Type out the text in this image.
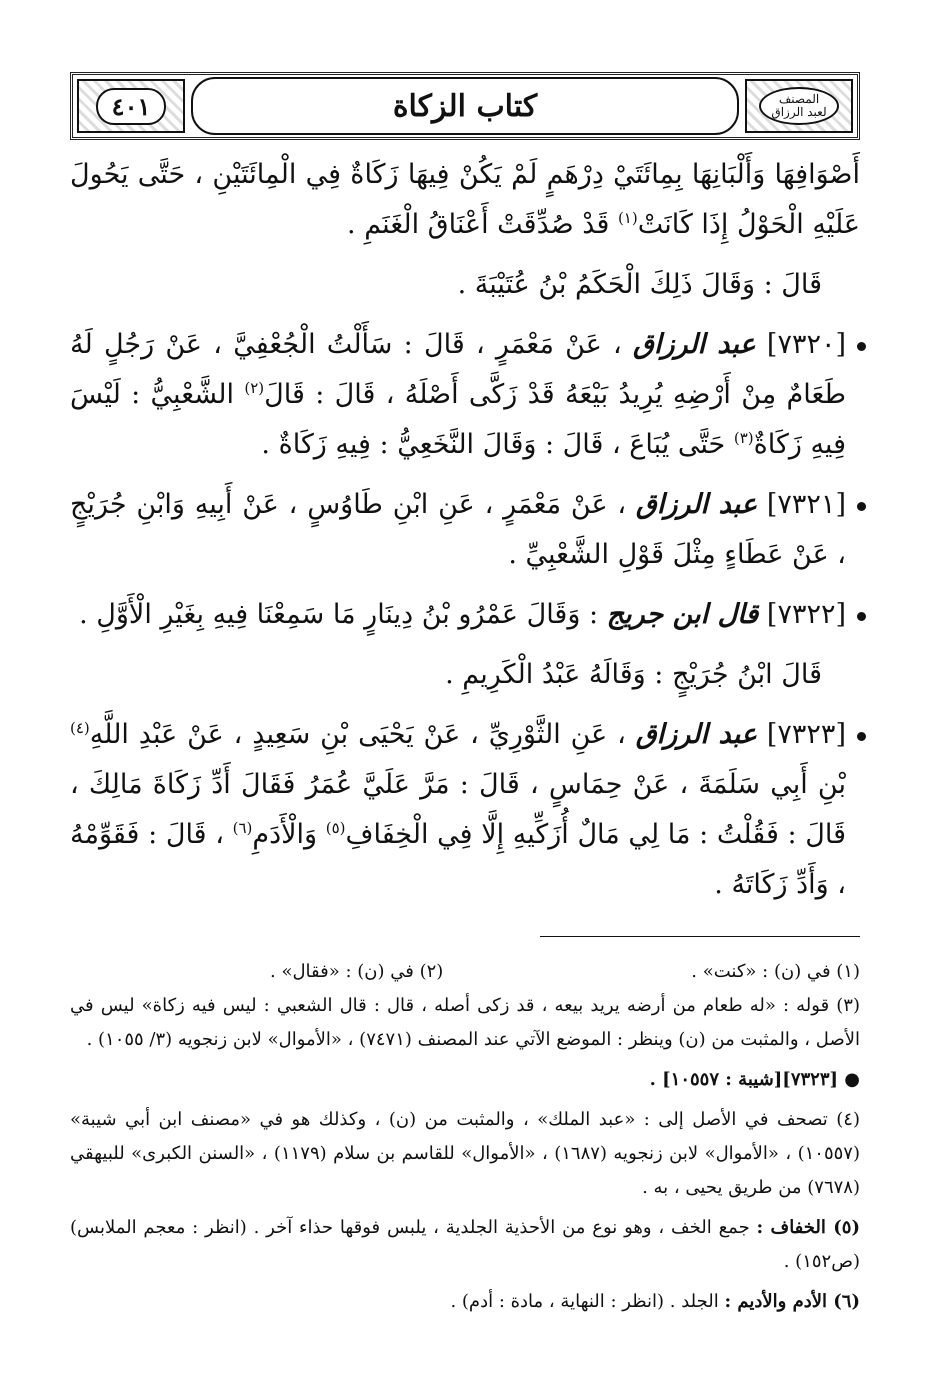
المصنف
لعبد الرزاق
كتاب الزكاة
٤٠١

أَصْوَافِهَا وَأَلْبَانِهَا بِمِائَتَيْ دِرْهَمٍ لَمْ يَكُنْ فِيهَا زَكَاةٌ فِي الْمِائَتَيْنِ ، حَتَّى يَحُولَ عَلَيْهِ الْحَوْلُ إِذَا كَانَتْ$^{(١)}$ قَدْ صُدِّقَتْ أَعْنَاقُ الْغَنَمِ .

قَالَ : وَقَالَ ذَلِكَ الْحَكَمُ بْنُ عُتَيْبَةَ .

[٧٣٢٠] عبد الرزاق ، عَنْ مَعْمَرٍ ، قَالَ : سَأَلْتُ الْجُعْفِيَّ ، عَنْ رَجُلٍ لَهُ طَعَامٌ مِنْ أَرْضِهِ يُرِيدُ بَيْعَهُ قَدْ زَكَّى أَصْلَهُ ، قَالَ : قَالَ$^{(٢)}$ الشَّعْبِيُّ : لَيْسَ فِيهِ زَكَاةٌ$^{(٣)}$ حَتَّى يُبَاعَ ، قَالَ : وَقَالَ النَّخَعِيُّ : فِيهِ زَكَاةٌ .

[٧٣٢١] عبد الرزاق ، عَنْ مَعْمَرٍ ، عَنِ ابْنِ طَاوُسٍ ، عَنْ أَبِيهِ وَابْنِ جُرَيْجٍ ، عَنْ عَطَاءٍ مِثْلَ قَوْلِ الشَّعْبِيِّ .

[٧٣٢٢] قال ابن جريج : وَقَالَ عَمْرُو بْنُ دِينَارٍ مَا سَمِعْنَا فِيهِ بِغَيْرِ الْأَوَّلِ .

قَالَ ابْنُ جُرَيْجٍ : وَقَالَهُ عَبْدُ الْكَرِيمِ .

[٧٣٢٣] عبد الرزاق ، عَنِ الثَّوْرِيِّ ، عَنْ يَحْيَى بْنِ سَعِيدٍ ، عَنْ عَبْدِ اللَّهِ$^{(٤)}$ بْنِ أَبِي سَلَمَةَ ، عَنْ حِمَاسٍ ، قَالَ : مَرَّ عَلَيَّ عُمَرُ فَقَالَ أَدِّ زَكَاةَ مَالِكَ ، قَالَ : فَقُلْتُ : مَا لِي مَالٌ أُزَكِّيهِ إِلَّا فِي الْخِفَافِ$^{(٥)}$ وَالْأَدَمِ$^{(٦)}$ ، قَالَ : فَقَوِّمْهُ ، وَأَدِّ زَكَاتَهُ .

(١) في (ن) : «كنت» .
(٢) في (ن) : «فقال» .

(٣) قوله : «له طعام من أرضه يريد بيعه ، قد زكى أصله ، قال : قال الشعبي : ليس فيه زكاة» ليس في الأصل ، والمثبت من (ن) وينظر : الموضع الآتي عند المصنف (٧٤٧١) ، «الأموال» لابن زنجويه (٣/ ١٠٥٥) .

● [٧٣٢٣][شيبة : ١٠٥٥٧] .

(٤) تصحف في الأصل إلى : «عبد الملك» ، والمثبت من (ن) ، وكذلك هو في «مصنف ابن أبي شيبة» (١٠٥٥٧) ، «الأموال» لابن زنجويه (١٦٨٧) ، «الأموال» للقاسم بن سلام (١١٧٩) ، «السنن الكبرى» للبيهقي (٧٦٧٨) من طريق يحيى ، به .

(٥) الخفاف : جمع الخف ، وهو نوع من الأحذية الجلدية ، يلبس فوقها حذاء آخر . (انظر : معجم الملابس) (ص١٥٢) .

(٦) الأدم والأديم : الجلد . (انظر : النهاية ، مادة : أدم) .
